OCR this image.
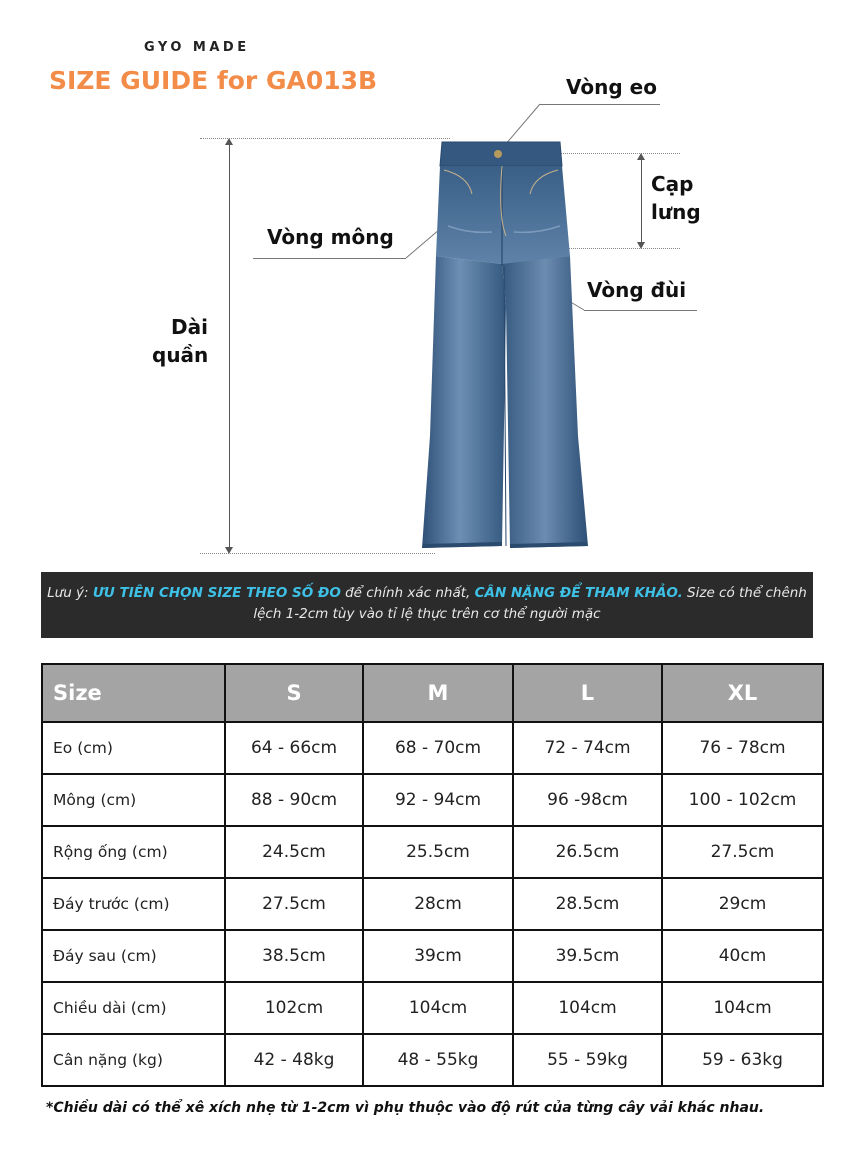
GYO MADE
SIZE GUIDE for GA013B
Dài
quần
Vòng eo
Cạp
lưng
Vòng mông
Vòng đùi
Lưu ý: ƯU TIÊN CHỌN SIZE THEO SỐ ĐO để chính xác nhất, CÂN NẶNG ĐỂ THAM KHẢO. Size có thể chênh lệch 1-2cm tùy vào tỉ lệ thực trên cơ thể người mặc
Size	S	M	L	XL
Eo (cm)	64 - 66cm	68 - 70cm	72 - 74cm	76 - 78cm
Mông (cm)	88 - 90cm	92 - 94cm	96 -98cm	100 - 102cm
Rộng ống (cm)	24.5cm	25.5cm	26.5cm	27.5cm
Đáy trước (cm)	27.5cm	28cm	28.5cm	29cm
Đáy sau (cm)	38.5cm	39cm	39.5cm	40cm
Chiều dài (cm)	102cm	104cm	104cm	104cm
Cân nặng (kg)	42 - 48kg	48 - 55kg	55 - 59kg	59 - 63kg
*Chiều dài có thể xê xích nhẹ từ 1-2cm vì phụ thuộc vào độ rút của từng cây vải khác nhau.
